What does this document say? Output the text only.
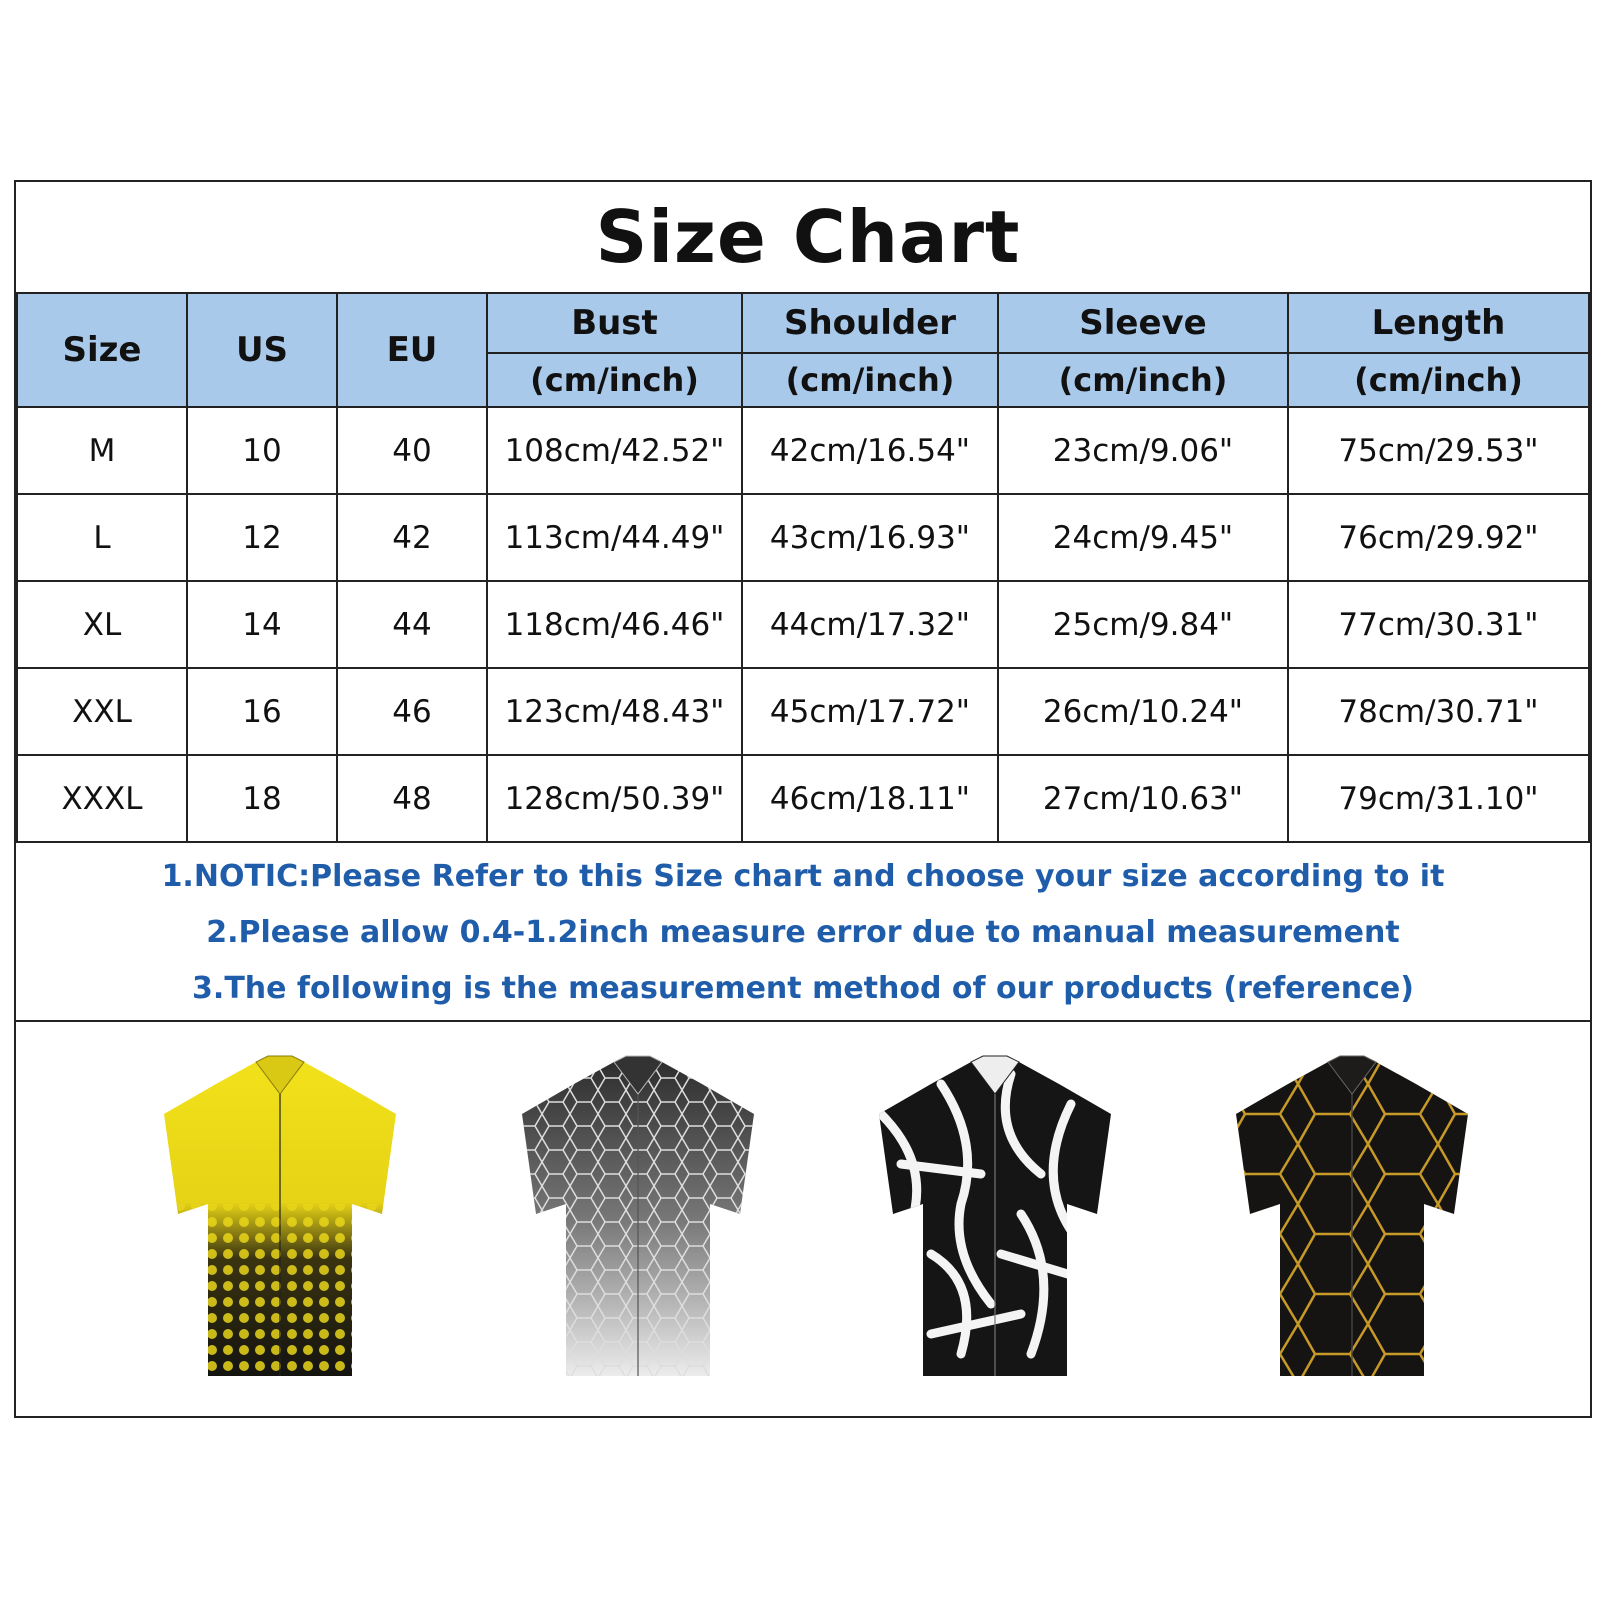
Size Chart
Size	US	EU	Bust	Shoulder	Sleeve	Length
			(cm/inch)	(cm/inch)	(cm/inch)	(cm/inch)
M	10	40	108cm/42.52"	42cm/16.54"	23cm/9.06"	75cm/29.53"
L	12	42	113cm/44.49"	43cm/16.93"	24cm/9.45"	76cm/29.92"
XL	14	44	118cm/46.46"	44cm/17.32"	25cm/9.84"	77cm/30.31"
XXL	16	46	123cm/48.43"	45cm/17.72"	26cm/10.24"	78cm/30.71"
XXXL	18	48	128cm/50.39"	46cm/18.11"	27cm/10.63"	79cm/31.10"
1.NOTIC:Please Refer to this Size chart and choose your size according to it
2.Please allow 0.4-1.2inch measure error due to manual measurement
3.The following is the measurement method of our products (reference)
